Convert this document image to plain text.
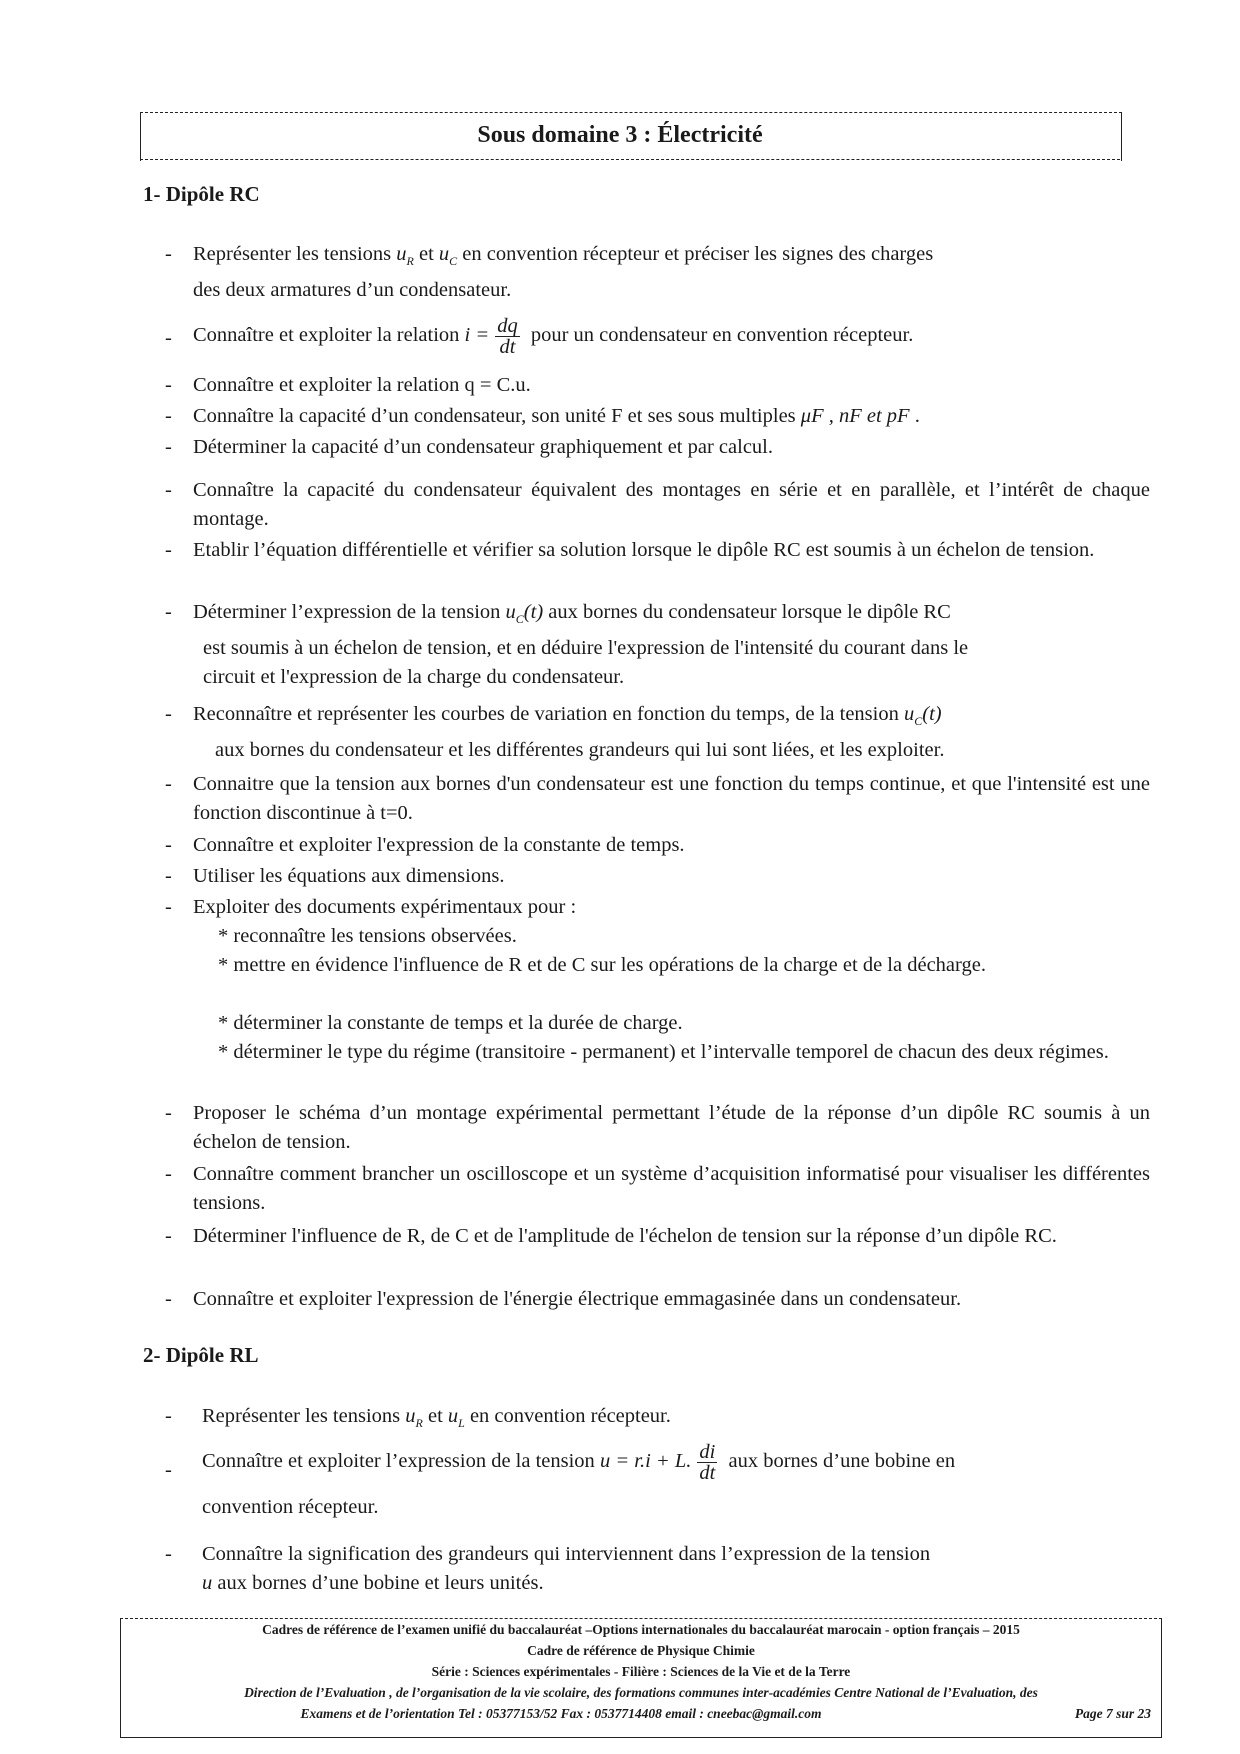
Sous domaine 3 : Électricité
1- Dipôle RC
-	Représenter les tensions $u_R$ et $u_C$ en convention récepteur et préciser les signes des charges
des deux armatures d’un condensateur.
-	Connaître et exploiter la relation $i = \frac{dq}{dt}$ pour un condensateur en convention récepteur.
-	Connaître et exploiter la relation q = C.u.
-	Connaître la capacité d’un condensateur, son unité F et ses sous multiples μF , nF et pF .
-	Déterminer la capacité d’un condensateur graphiquement et par calcul.
-	Connaître la capacité du condensateur équivalent des montages en série et en parallèle, et l’intérêt de chaque montage.
-	Etablir l’équation différentielle et vérifier sa solution lorsque le dipôle RC est soumis à un échelon de tension.
-	Déterminer l’expression de la tension $u_C(t)$ aux bornes du condensateur lorsque le dipôle RC
est soumis à un échelon de tension, et en déduire l'expression de l'intensité du courant dans le
circuit et l'expression de la charge du condensateur.
-	Reconnaître et représenter les courbes de variation en fonction du temps, de la tension $u_C(t)$
aux bornes du condensateur et les différentes grandeurs qui lui sont liées, et les exploiter.
-	Connaitre que la tension aux bornes d'un condensateur est une fonction du temps continue, et que l'intensité est une fonction discontinue à t=0.
-	Connaître et exploiter l'expression de la constante de temps.
-	Utiliser les équations aux dimensions.
-	Exploiter des documents expérimentaux pour :
* reconnaître les tensions observées.
* mettre en évidence l'influence de R et de C sur les opérations de la charge et de la décharge.
* déterminer la constante de temps et la durée de charge.
* déterminer le type du régime (transitoire - permanent) et l’intervalle temporel de chacun des deux régimes.
-	Proposer le schéma d’un montage expérimental permettant l’étude de la réponse d’un dipôle RC soumis à un échelon de tension.
-	Connaître comment brancher un oscilloscope et un système d’acquisition informatisé pour visualiser les différentes tensions.
-	Déterminer l'influence de R, de C et de l'amplitude de l'échelon de tension sur la réponse d’un dipôle RC.
-	Connaître et exploiter l'expression de l'énergie électrique emmagasinée dans un condensateur.
2- Dipôle RL
-	Représenter les tensions $u_R$ et $u_L$ en convention récepteur.
-	Connaître et exploiter l’expression de la tension u = r.i + L. $\frac{di}{dt}$ aux bornes d’une bobine en
convention récepteur.
-	Connaître la signification des grandeurs qui interviennent dans l’expression de la tension
u aux bornes d’une bobine et leurs unités.
Cadres de référence de l’examen unifié du baccalauréat –Options internationales du baccalauréat marocain - option français – 2015
Cadre de référence de Physique Chimie
Série : Sciences expérimentales - Filière : Sciences de la Vie et de la Terre
Direction de l’Evaluation , de l’organisation de la vie scolaire, des formations communes inter-académies Centre National de l’Evaluation, des
Examens et de l’orientation Tel : 05377153/52 Fax : 0537714408 email : cneebac@gmail.com	Page 7 sur 23
